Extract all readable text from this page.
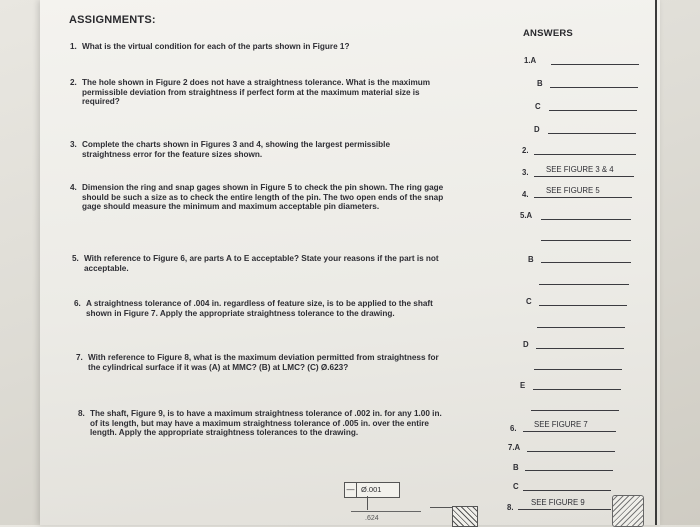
ASSIGNMENTS:
ANSWERS
1. What is the virtual condition for each of the parts shown in Figure 1?
2. The hole shown in Figure 2 does not have a straightness tolerance. What is the maximum permissible deviation from straightness if perfect form at the maximum material size is required?
3. Complete the charts shown in Figures 3 and 4, showing the largest permissible straightness error for the feature sizes shown.
4. Dimension the ring and snap gages shown in Figure 5 to check the pin shown. The ring gage should be such a size as to check the entire length of the pin. The two open ends of the snap gage should measure the minimum and maximum acceptable pin diameters.
5. With reference to Figure 6, are parts A to E acceptable? State your reasons if the part is not acceptable.
6. A straightness tolerance of .004 in. regardless of feature size, is to be applied to the shaft shown in Figure 7. Apply the appropriate straightness tolerance to the drawing.
7. With reference to Figure 8, what is the maximum deviation permitted from straightness for the cylindrical surface if it was (A) at MMC? (B) at LMC? (C) Ø.623?
8. The shaft, Figure 9, is to have a maximum straightness tolerance of .002 in. for any 1.00 in. of its length, but may have a maximum straightness tolerance of .005 in. over the entire length. Apply the appropriate straightness tolerances to the drawing.
1.A
B
C
D
2.
3. SEE FIGURE 3 & 4
4. SEE FIGURE 5
5.A
B
C
D
E
6. SEE FIGURE 7
7.A
B
C
8.
SEE FIGURE 9
— Ø.001
.624
